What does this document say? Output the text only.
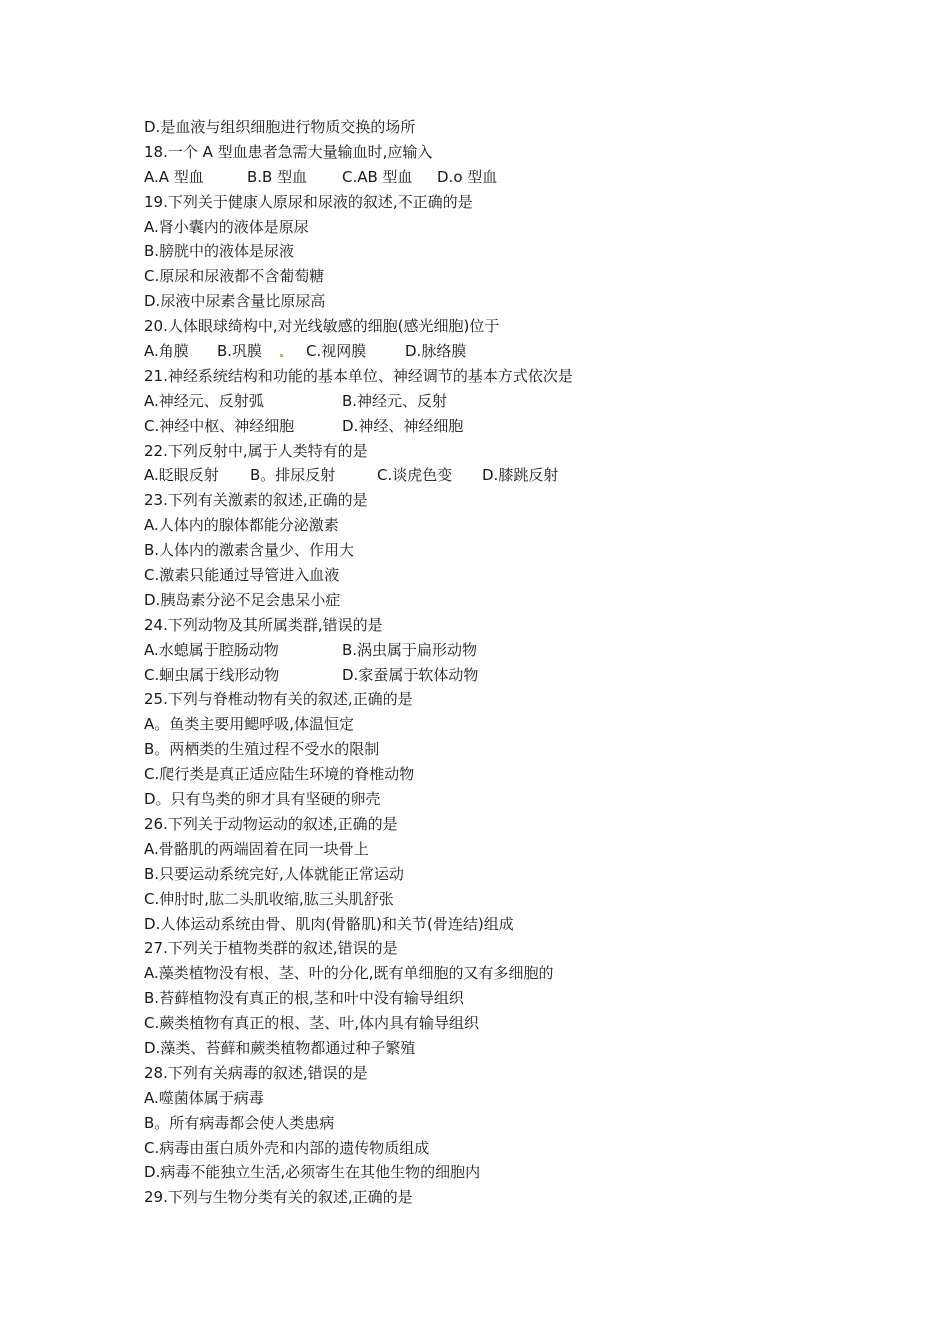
D.是血液与组织细胞进行物质交换的场所
18.一个 A 型血患者急需大量输血时,应输入
A.A 型血	B.B 型血 C.AB 型血 D.o 型血
19.下列关于健康人原尿和尿液的叙述,不正确的是
A.肾小囊内的液体是原尿
B.膀胱中的液体是尿液
C.原尿和尿液都不含葡萄糖
D.尿液中尿素含量比原尿高
20.人体眼球绮构中,对光线敏感的细胞(感光细胞)位于
A.角膜 B.巩膜	C.视网膜	D.脉络膜
21.神经系统结构和功能的基本单位、神经调节的基本方式依次是
A.神经元、反射弧	B.神经元、反射
C.神经中枢、神经细胞	D.神经、神经细胞
22.下列反射中,属于人类特有的是
A.眨眼反射 B。排尿反射	C.谈虎色变 D.膝跳反射
23.下列有关激素的叙述,正确的是
A.人体内的腺体都能分泌激素
B.人体内的激素含量少、作用大
C.激素只能通过导管进入血液
D.胰岛素分泌不足会患呆小症
24.下列动物及其所属类群,错误的是
A.水螅属于腔肠动物	B.涡虫属于扁形动物
C.蛔虫属于线形动物	D.家蚕属于软体动物
25.下列与脊椎动物有关的叙述,正确的是
A。鱼类主要用鳃呼吸,体温恒定
B。两栖类的生殖过程不受水的限制
C.爬行类是真正适应陆生环境的脊椎动物
D。只有鸟类的卵才具有坚硬的卵壳
26.下列关于动物运动的叙述,正确的是
A.骨骼肌的两端固着在同一块骨上
B.只要运动系统完好,人体就能正常运动
C.伸肘时,肱二头肌收缩,肱三头肌舒张
D.人体运动系统由骨、肌肉(骨骼肌)和关节(骨连结)组成
27.下列关于植物类群的叙述,错误的是
A.藻类植物没有根、茎、叶的分化,既有单细胞的又有多细胞的
B.苔藓植物没有真正的根,茎和叶中没有输导组织
C.蕨类植物有真正的根、茎、叶,体内具有输导组织
D.藻类、苔藓和蕨类植物都通过种子繁殖
28.下列有关病毒的叙述,错误的是
A.噬菌体属于病毒
B。所有病毒都会使人类患病
C.病毒由蛋白质外壳和内部的遗传物质组成
D.病毒不能独立生活,必须寄生在其他生物的细胞内
29.下列与生物分类有关的叙述,正确的是
